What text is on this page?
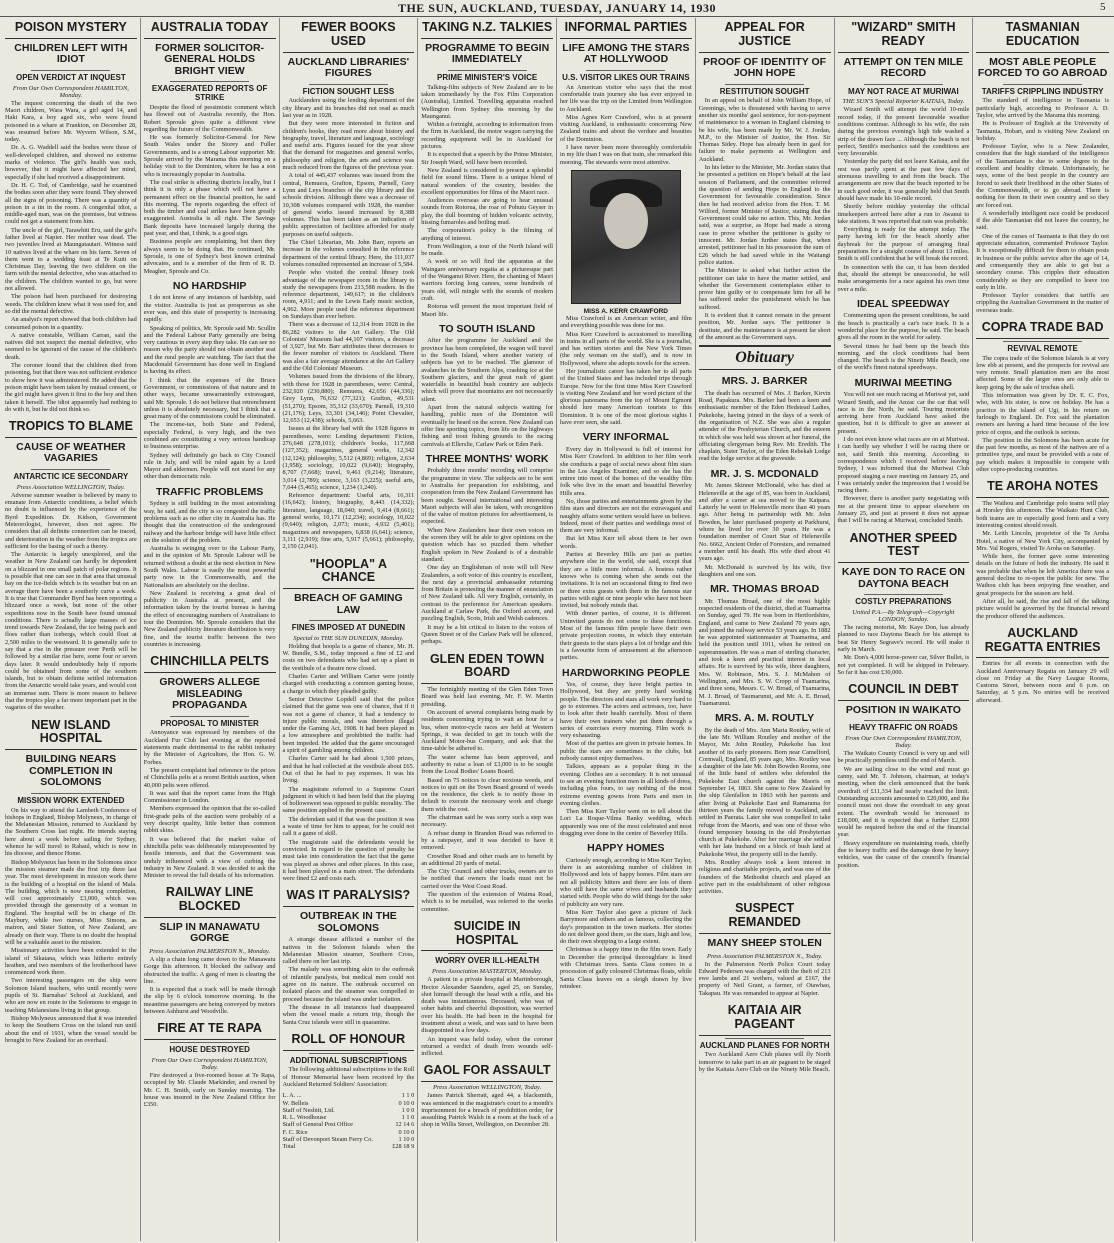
THE SUN, AUCKLAND, TUESDAY, JANUARY 14, 1930	5
POISON MYSTERY
CHILDREN LEFT WITH IDIOT
OPEN VERDICT AT INQUEST
From Our Own Correspondent HAMILTON, Monday.

The inquest concerning the death of the two Maori children, Wara Wara, a girl aged 14, and Haki Kara, a boy aged six, who were found poisoned in a whare at Frankton, on December 28, was resumed before Mr. Wyvern Wilson, S.M., today.

Dr. A. G. Waddell said the bodies were those of well-developed children, and showed no extreme marks of violence. The girl's health was such, however, that it might have affected her mind, especially if she had received a disappointment.

Dr. H. C. Tod, of Cambridge, said he examined the bodies soon after they were found. They showed all the signs of poisoning. There was a quantity of poison in a tin in the room. A congenital idiot, a middle-aged man, was on the premises, but witness could not get a statement from him.

The uncle of the girl, Tarawhiti Eru, said the girl's father lived at Napier. Her mother was dead. The two juveniles lived at Maungatautari. Witness said 10 natives lived at the whare on his farm. Seven of them went to a wedding feast at Te Kuiti on Christmas Day, leaving the two children on the farm with the mental defective, who was attached to the children. The children wanted to go, but were not allowed.

The poison had been purchased for destroying weeds. The children knew what it was used for, and so did the mental defective.

An analyst's report showed that both children had consumed poison in a quantity.

A native constable, William Carran, said the natives did not suspect the mental defective, who seemed to be ignorant of the cause of the children's death.

The coroner found that the children died from poisoning, but that there was not sufficient evidence to show how it was administered. He added that the poison might have been taken by mutual consent, or the girl might have given it first to the boy and then taken it herself. The idiot apparently had nothing to do with it, but he did not think so.

TROPICS TO BLAME
CAUSE OF WEATHER VAGARIES
ANTARCTIC ICE SECONDARY
Press Association WELLINGTON, Today.

Adverse summer weather is believed by many to emanate from Antarctic conditions, a belief which no doubt is influenced by the experience of the Byrd Expedition. Dr. Kidson, Government Meteorologist, however, does not agree. He considers that all definite connection can be traced, and deterioration in the weather from the tropics are sufficient for the basing of such a theory.

The Antarctic is largely unexplored, and the weather in New Zealand can hardly be dependent on a blizzard in one small patch of polar regions. It is possible that one can see in that area that unusual bay on the ice-fields which is its weather but on an average there have been a southerly curve a week. It is true that Commander Byrd has been reporting a blizzard once a week, but none of the other expeditions now in the South have found unusual conditions. There is actually large masses of ice trend towards New Zealand, the ice being pack and floes rather than icebergs, which could float at 2,500 miles to the westward. It is generally safe to say that a rise in the pressure over Perth will be followed by a similar rise here, some four or seven days later. It would undoubtedly help if reports could be obtained from some of the southern islands, but to obtain definite settled information from the Antarctic would take years, and would cost an immense sum. There is more reason to believe that the tropics play a far more important part in the vagaries of the weather.

NEW ISLAND HOSPITAL
BUILDING NEARS COMPLETION IN SOLOMONS
MISSION WORK EXTENDED

On his way to attend the Lambeth Conference of bishops in England, Bishop Molyneux, in charge of the Melanesian Mission, returned to Auckland by the Southern Cross last night. He intends staying here about a week before sailing for Sydney, whence he will travel to Rabaul, which is now in his diocese, and thence Home.

Bishop Molyneux has been in the Solomons since the mission steamer made the first trip there last year. The most development in mission work there is the building of a hospital on the island of Mala. The building, which is now nearing completion, will cost approximately £3,000, which was provided through the generosity of a woman in England. The hospital will be in charge of Dr. Maybury, while two nurses, Miss Simons, as matron, and Sister Sutton, of New Zealand, are already on their way. There is no doubt the hospital will be a valuable asset to the mission.

Missionary activities have been extended to the island of Sikaiana, which was hitherto entirely heathen, and two members of the brotherhood have commenced work there.

Two interesting passengers on the ship were Solomon Island teachers, who until recently were pupils of St. Barnabas' School at Auckland, and who are now en route to the Solomons to engage in teaching Melanesians living in that group.

Bishop Molyneux announced that it was intended to keep the Southern Cross on the island run until about the end of 1931, when the vessel would be brought to New Zealand for an overhaul.

AUSTRALIA TODAY
FORMER SOLICITOR-GENERAL HOLDS BRIGHT VIEW
EXAGGERATED REPORTS OF STRIKE

Despite the flood of pessimistic comment which has flowed out of Australia recently, the Hon. Robert Sproule gives quite a different view regarding the future of the Commonwealth.

He was formerly Solicitor-General for New South Wales under the Storey and Fuller Governments, and is a strong Labour supporter. Mr. Sproule arrived by the Marama this morning on a holiday visit to the Dominion, where he has a son who is increasingly popular in Australia.

The coal strike is affecting districts locally, but I think it is only a phase which will not have a permanent effect on the financial position, he said this morning. The reports regarding the effect of both the timber and coal strikes have been greatly exaggerated. Australia is all right. The Savings Bank deposits have increased largely during the past year, and that, I think, is a good sign.

Business people are complaining, but then they always seem to be doing that. He continued, Mr. Sproule, is one of Sydney's best known criminal advocates, and is a member of the firm of R. D. Meagher, Sproule and Co.

NO HARDSHIP

I do not know of any instances of hardship, said the visitor. Australia is just as prosperous as she ever was, and this state of prosperity is increasing rapidly.

Speaking of politics, Mr. Sproule said Mr. Scullin and the Federal Labour Party generally are being very cautious in every step they take. He can see no reason why the party should not obtain another seat and the rural people are watching. The fact that the Macdonald Government has done well in England is having its effect.

I think that the expenses of the Bruce Government, or commissions of that nature and in other ways, became unwarrantedly extravagant, said Mr. Sproule. I do not believe that retrenchment unless it is absolutely necessary, but I think that a great many of the commissions could be eliminated.

The income-tax, both State and Federal, especially Federal, is very high, and the two combined are constituting a very serious handicap to business enterprise.

Sydney will definitely go back to City Council rule in July, and will be ruled again by a Lord Mayor and aldermen. People will not stand for any other than democratic rule.

TRAFFIC PROBLEMS

Sydney is still building in the most astonishing way, he said, and the city is so congested the traffic problems such as no other city in Australia has. He thought that the construction of the underground railway and the harbour bridge will have little effect on the solution of the problem.

Australia is swinging over to the Labour Party, and in the opinion of Mr. Sproule Labour will be returned without a doubt at the next election in New South Wales. Labour is easily the most powerful party now in the Commonwealth, and the Nationalists are absolutely on the decline.

New Zealand is receiving a great deal of publicity in Australia at present, and the information taken by the tourist bureau is having the effect of encouraging numbers of Australians to tour the Dominion. Mr. Sproule considers that the New Zealand publicity literature distribution is very fine, and the tourist traffic between the two countries is increasing.

CHINCHILLA PELTS
GROWERS ALLEGE MISLEADING PROPAGANDA
PROPOSAL TO MINISTER

Annoyance was expressed by members of the Auckland Fur Club last evening at the reported statements made detrimental to the rabbit industry by the Minister of Agriculture, the Hon. G. W. Forbes.

The present complaint had reference to the prices of Chinchilla pelts at a recent British auction, when 40,000 pelts were offered.

It was said that the report came from the High Commissioner in London.

Members expressed the opinion that the so-called first-grade pelts of the auction were probably of a very descript quality, little better than common rabbit skins.

It was believed that the market value of chinchilla pelts was deliberately misrepresented by hostile interests, and that the Government was unduly influenced with a view of curbing the industry in New Zealand. It was decided to ask the Minister to reveal the full details of his information.

RAILWAY LINE BLOCKED
SLIP IN MANAWATU GORGE
Press Association PALMERSTON N., Monday.

A slip a chain long came down to the Manawatu Gorge this afternoon. It blocked the railway and obstructed the traffic. A gang of men is clearing the line.

It is expected that a track will be made through the slip by 6 o'clock tomorrow morning. In the meantime passengers are being conveyed by motors between Ashhurst and Woodville.

FIRE AT TE RAPA
HOUSE DESTROYED
From Our Own Correspondent HAMILTON, Today.

Fire destroyed a five-roomed house at Te Rapa, occupied by Mr. Claude Markinder, and owned by Mr. C. H. Smith, early on Sunday morning. The house was insured in the New Zealand Office for £350.

FEWER BOOKS USED
AUCKLAND LIBRARIES' FIGURES
FICTION SOUGHT LESS

Aucklanders using the lending department of the city library and its branches did not read as much last year as in 1928.

But they were more interested in fiction and children's books, they read more about history and biography, travel, literature and language, sociology and useful arts. Figures issued for the year show that the demand for magazines and general works, philosophy and religion, the arts and science was much reduced from the figures of the previous year.

A total of 445,437 volumes was issued from the central, Remuera, Grafton, Epsom, Parnell, Grey Lynn and Leys branches of the city library and the schools division. Although there was a decrease of 10,308 volumes compared with 1928, the number of general works issued increased by 8,388 volumes. This has been taken as an indication of public appreciation of facilities afforded for study purposes on useful subjects.

The Chief Librarian, Mr. John Barr, reports an increase in the volumes consulted in the reference department of the central library. Here, the 111,037 volumes consulted represented an increase of 5,584.

People who visited the central library took advantage of the newspaper room in the library to study the newspapers from 213,588 readers. In the reference department, 149,617; in the children's room, 4,911; and in the Lewis Eady music section, 4,962. More people used the reference department on Sundays than ever before.

There was a decrease of 12,314 from 1928 in the 86,282 visitors to the Art Gallery. The Old Colonists' Museum had 44,107 visitors, a decrease of 3,927, but Mr. Barr attributes these decreases to the fewer number of visitors to Auckland. There was also a fair average attendance at the Art Gallery and the Old Colonists' Museum.

Volumes issued from the divisions of the library, with those for 1928 in parentheses, were: Central, 232,920 (230,880); Remuera, 42,656 (44,336); Grey Lynn, 76,632 (77,321); Grafton, 49,531 (51,270); Epsom, 35,312 (33,670); Parnell, 19,310 (21,176); Leys, 33,301 (34,146); Point Chevalier, 12,653 (12,438); schools, 5,663.

Issues at the library had with the 1928 figures in parentheses, were: Lending department: Fiction, 276,648 (278,101); children's books, 117,668 (127,352); magazines, general works, 12,342 (12,124); philosophy, 5,512 (4,869); religion, 2,634 (1,958); sociology, 10,022 (9,640); biography, 8,707 (7,668); travel, 9,461 (9,214); literature, 3,014 (2,789); science, 3,163 (3,225); useful arts, 7,644 (5,465); science, 1,234 (1,240).

Reference department: Useful arts, 16,311 (16,642); history, biography, 8,443 (14,332); literature, language, 18,040; travel, 9,414 (8,661); general works, 10,171 (12,234); sociology, 10,022 (9,640); religion, 2,073; music, 4,932 (5,401); magazines and newspapers, 6,838 (6,641); science, 3,111 (2,919); fine arts, 5,917 (5,661); philosophy, 2,150 (2,041).

"HOOPLA" A CHANCE
BREACH OF GAMING LAW
FINES IMPOSED AT DUNEDIN
Special to THE SUN DUNEDIN, Monday.

Holding that hoopla is a game of chance, Mr. H. W. Bundle, S.M., today imposed a fine of £2 and costs on two defendants who had set up a plant in the vestibule of a theatre now closed.

Charles Carter and William Carter were jointly charged with conducting a common gaming house, a charge to which they pleaded guilty.

Senior Detective Lopdell said that the police claimed that the game was one of chance, that if it was not a game of chance, it had a tendency to injure public morals, and was therefore illegal under the Gaming Act, 1908. It had been played in a low atmosphere and prohibited the traffic had been impeded. He added that the game encouraged a spirit of gambling among children.

Charles Carter said he had about 1,500 prizes, and that he had collected at the vestibule about £65. Out of that he had to pay expenses. It was his living.

The magistrate referred to a Supreme Court judgment in which it had been held that the playing of hollowsweet was opposed to public morality. The same position applied in the present case.

The defendant said if that was the position it was a waste of time for him to appear, for he could not call it a game of skill.

The magistrate said the defendants would be convicted. In regard to the question of penalty he must take into consideration the fact that the game was played as shows and other places. In this case, it had been played in a main street. The defendants were fined £2 and costs each.

WAS IT PARALYSIS?
OUTBREAK IN THE SOLOMONS

A strange disease afflicted a number of the natives in the Solomon Islands when the Melanesian Mission steamer, Southern Cross, called there on her last trip.

The malady was something akin to the outbreak of infantile paralysis, but medical men could not agree on its nature. The outbreak occurred on isolated places and the steamer was compelled to proceed because the island was under isolation.

The disease in all instances had disappeared when the vessel made a return trip, though the Santa Cruz islands were still in quarantine.

ROLL OF HONOUR
ADDITIONAL SUBSCRIPTIONS

The following additional subscriptions to the Roll of Honour Memorial have been received by the Auckland Returned Soldiers' Association:

L. A. ...	1 1 0
W. Belleis	0 10 0
Staff of Nesbitt, Ltd.	1 0 0
R. L. Woodhouse	1 1 0
Staff of General Post Office	12 14 6
F. C. Rice	0 10 0
Staff of Devonport Steam Ferry Co.	1 10 0
Total	£28 18 9
TAKING N.Z. TALKIES
PROGRAMME TO BEGIN IMMEDIATELY
PRIME MINISTER'S VOICE

Talking-film subjects of New Zealand are to be taken immediately by the Fox Film Corporation (Australia), Limited. Travelling apparatus reached Wellington from Sydney this morning by the Maunganui.

Within a fortnight, according to information from the firm in Auckland, the motor wagon carrying the recording equipment will be in Auckland for pictures.

It is expected that a speech by the Prime Minister, Sir Joseph Ward, will have been recorded.

New Zealand is considered to present a splendid field for sound films. There is a unique blend of natural wonders of the country, besides the excellent opportunities for films of the Maori race.

Audiences overseas are going to hear unusual sounds from Rotorua, the roar of Pohutu Geyser in play, the dull booming of hidden volcanic activity, hissing fumaroles and boiling mud.

The corporation's policy is the filming of anything of interest.

From Wellington, a tour of the North Island will be made.

A week or so will find the apparatus at the Waingaro anniversary regatta at a picturesque part of the Wanganui River. Here, the chanting of Maori warriors forcing long canoes, some hundreds of years old, will mingle with the sounds of modern craft.

Rotorua will present the most important field of Maori life.

TO SOUTH ISLAND

After the programme for Auckland and the province has been completed, the wagon will travel to the South Island, where another variety of subjects has yet to be reached. The glamour of avalanches in the Southern Alps, crashing ice at the Southern glaciers, and the great rush of giant waterfalls in beautiful bush country are subjects which will prove that mountains are not necessarily silent.

Apart from the natural subjects waiting for handling, public men of the Dominion will eventually be heard on the screen. New Zealand can offer fine sporting topics, from life on the highways fishing and trout fishing grounds to the racing carnivals at Ellerslie, Carlaw Park or Eden Park.

THREE MONTHS' WORK

Probably three months' recording will comprise the programme in view. The subjects are to be sent to Australia for preparation for exhibiting, and cooperation from the New Zealand Government has been sought. Several international and interesting Maori subjects will also be taken, with recognition of the value of motion pictures for advertisement, is expected.

When New Zealanders hear their own voices on the screen they will be able to give opinions on the question which has so puzzled them whether English spoken in New Zealand is of a desirable standard.

One day an Englishman of note will tell New Zealanders, a soft voice of this country is excellent, the next day a provincial ambassador returning from Britain is protesting the manner of enunciation of New Zealand talk. All very English, certainly, in contrast to the preference for American speakers. Auckland at Carlaw Park, the Oxford accent, and puzzling English, Scots, Irish and Welsh cadences.

It may be a bit critical to listen to the voices of Queen Street or of the Carlaw Park will be silenced, perhaps.

GLEN EDEN TOWN BOARD

The fortnightly meeting of the Glen Eden Town Board was held last evening, Mr. F. W. Martin presiding.

On account of several complaints being made by residents concerning trying to wait an hour for a bus, when motor-cycle races are held at Western Springs, it was decided to get in touch with the Auckland Motor-bus Company, and ask that the time-table be adhered to.

The water scheme has been approved, and authority to raise a loan of £3,000 is to be sought from the Local Bodies' Loans Board.

Based on 75 notices to clear noxious weeds, and notices to quit on the Town Board ground of weeds on the residence, the clerk is to notify those in default to execute the necessary work and charge them with the cost.

The chairman said he was sorry such a step was necessary.

A refuse dump in Brandon Road was referred to by a ratepayer, and it was decided to have it removed.

Crowther Road and other roads are to benefit by an additional 20 yards of metal.

The City Council and other trucks, owners are to be notified that owners the loads must not be carried over the West Coast Road.

The question of the extension of Waima Road, which is to be metalled, was referred to the works committee.

SUICIDE IN HOSPITAL
WORRY OVER ILL-HEALTH
Press Association MASTERTON, Monday.

A patient in a private hospital at Martinborough, Hector Alexander Saunders, aged 25, on Sunday, shot himself through the head with a rifle, and his death was instantaneous. Deceased, who was of sober habits and cheerful disposition, was worried over his health. He had been in the hospital for treatment about a week, and was said to have been disappointed in a few days.

An inquest was held today, when the coroner returned a verdict of death from wounds self-inflicted.

GAOL FOR ASSAULT
Press Association WELLINGTON, Today.

James Patrick Sherratt, aged 44, a blacksmith, was sentenced in the magistrate's court to a month's imprisonment for a breach of prohibition order, for assaulting Patrick Walsh in a room at the back of a shop in Willis Street, Wellington, on December 28.

INFORMAL PARTIES
LIFE AMONG THE STARS AT HOLLYWOOD
U.S. VISITOR LIKES OUR TRAINS

An American visitor who says that the most comfortable train journey she has ever enjoyed in her life was the trip on the Limited from Wellington to Auckland.

Miss Agnes Kerr Crawford, who is at present visiting Auckland, is enthusiastic concerning New Zealand trains and about the verdure and beauties of the Dominion.

I have never been more thoroughly comfortable in my life than I was on that train, she remarked this morning. The stewards were most attentive.

MISS A. KERR CRAWFORD

Miss Crawford is an American writer, and film and everything possible was done for me.

Miss Kerr Crawford is accustomed to travelling in trains in all parts of the world. She is a journalist, and has written stories and the New York Times (the only woman on the staff), and is now in Hollywood, where she adopts novels for the screen.

Her journalistic career has taken her to all parts of the United States and has included trips through Europe. Now for the first time Miss Kerr Crawford is visiting New Zealand and her word picture of the glorious panorama from the top of Mount Egmont should lure many American tourists to this Dominion. It is one of the most glorious sights I have ever seen, she said.

VERY INFORMAL

Every day in Hollywood is full of interest for Miss Kerr Crawford. In addition to her film work she conducts a page of social news about film stars in the Los Angeles Examiner, and so she has the entree into most of the homes of the wealthy film folk who live in the smart and beautiful Beverley Hills area.

No, those parties and entertainments given by the film stars and directors are not the extravagant and naughty affairs some writers would have us believe. Indeed, most of their parties and weddings most of them are very informal.

But let Miss Kerr tell about them in her own words.

Parties at Beverley Hills are just as parties anywhere else in the world, she said, except that they are a little more informal. A hostess rather knows who is coming when she sends out the invitations. It is not an occasional thing to find two or three extra guests with them in the famous star parties with eight or nine people who have not been invited, but nobody minds that.

With dinner parties, of course, it is different. Uninvited guests do not come to these functions. Most of the famous film people have their own private projection rooms, in which they entertain their guests to the stars plays a lot of bridge and this is a favourite form of amusement at the afternoon parties.

HARDWORKING PEOPLE

Yes, of course, they have bright parties in Hollywood, but they are pretty hard working people. The directors and stars all work very hard to go to extremes. The actors and actresses, too, have to look after their health carefully. Most of them have their own trainers who put them through a series of exercises every morning. Film work is very exhausting.

Most of the parties are given in private homes. In public the stars are sometimes in the clubs, but nobody cannot enjoy themselves.

Talkies, appears as a popular thing in the evening. Clothes are a secondary. It is not unusual to see an evening function men in all kinds of dress, including plus fours, to say nothing of the most extreme evening gowns from Paris and men in evening clothes.

Then Miss Kerr Taylor went on to tell about the Lori La Roque-Vilma Banky wedding, which apparently was one of the most celebrated and most dragging ever done in the centre of Beverley Hills.

HAPPY HOMES

Curiously enough, according to Miss Kerr Taylor, there is an astonishing number of children in Hollywood and lots of happy homes. Film stars are not all publicity hitters and there are lots of them who still have the same wives and husbands they started with. People who do wild things for the sake of publicity are very rare.

Miss Kerr Taylor also gave a picture of Jack Barrymore and others and as famous, collecting the day's preparation in the town markets. Her stories do not deliver good there, so the stars, high and low, do their own shopping to a large extent.

Christmas is a happy time in the film town. Early in December the principal thoroughfare is lined with Christmas trees. Santa Claus comes in a procession of gaily coloured Christmas floats, while Santa Claus leaves on a sleigh drawn by live reindeer.

APPEAL FOR JUSTICE
PROOF OF IDENTITY OF JOHN HOPE
RESTITUTION SOUGHT

In an appeal on behalf of John William Hope, of Greenings, who is threatened with having to serve another six months' gaol sentence, for non-payment of maintenance to a woman in England claiming to be his wife, has been made by Mr. W. J. Jordan, M.P., to the Minister of Justice, the Hon. Sir Thomas Sidey. Hope has already been in gaol for failure to make payments at Wellington and Auckland.

In his letter to the Minister, Mr. Jordan states that he presented a petition on Hope's behalf at the last session of Parliament, and the committee referred the question of sending Hope to England to the Government for favourable consideration. Since then he had received advice from the Hon. T. M. Wilford, former Minister of Justice, stating that the Government could take no action. This, Mr. Jordan said, was a surprise, as Hope had made a strong case to prove whether the petitioner is guilty or innocent. Mr. Jordan further states that, when arrested, petitioner had in his possession the sum of £26 which he had saved while in the Waitangi police station.

The Minister is asked what further action the petitioner can take to have the matter settled, and whether the Government contemplates either to prove him guilty or to compensate him for all he has suffered under the punishment which he has suffered.

It is evident that it cannot remain in the present position, Mr. Jordan says. The petitioner is destitute, and the maintenance is at present far short of the amount as the Government says.

Obituary
MRS. J. BARKER

The death has occurred of Mrs. J. Barker, Kirvin Road, Papakura. Mrs. Barker had been a keen and enthusiastic member of the Eden Hedstead Ladies, Pukekohe, having joined in the days of a week of the organisation of N.Z. She was also a regular attender of the Presbyterian Church, and the esteem in which she was held was shown at her funeral, the officiating clergyman being Rev. Mr. Eredith. The chaplain, Sister Taylor, of the Eden Rebekah Lodge read the lodge service at the graveside.

MR. J. S. MCDONALD

Mr. James Skinner McDonald, who has died at Helensville at the age of 85, was born in Auckland, and after a career at sea moved to the Kaipara. Latterly he went to Helensville more than 40 years ago. After being in partnership with Mr. John Bowden, he later purchased property at Parkhurst, where he lived for over 30 years. He was a foundation member of Court Star of Helensville No. 6662, Ancient Order of Foresters, and remained a member until his death. His wife died about 41 years ago.

Mr. McDonald is survived by his wife, five daughters and one son.

MR. THOMAS BROAD

Mr. Thomas Broad, one of the most highly respected residents of the district, died at Tuamarina on Sunday, aged 79. He was born in Hertfordshire, England, and came to New Zealand 70 years ago, and joined the railway service 53 years ago. In 1882 he was appointed stationmaster at Tuamarina, and held the position until 1911, when he retired on superannuation. He was a man of sterling character, and took a keen and practical interest in local affairs. He is survived by his wife, three daughters, Mrs. W. Robinson, Mrs. S. J. McMahon of Wellington, and Mrs. S. W. Cropp of Tuamarina, and three sons, Messrs. C. W. Broad, of Tuamarina, M. J. Broad, of Taumarunui, and Mr. A. E. Broad, Tuamarunui.

MRS. A. M. ROUTLY

By the death of Mrs. Ann Maria Routley, wife of the late Mr. William Routley and mother of the Mayor, Mr. John Routley, Pukekohe has lost another of its early pioneers. Born near Camelford, Cornwall, England, 85 years ago, Mrs. Routley was a daughter of the late Mr. John Bowden Rooms, one of the little band of settlers who defended the Pukekohe East church against the Maoris on September 14, 1863. She came to New Zealand by the ship Glenfallon in 1863 with her parents and after living at Pukekohe East and Ramarama for thirteen years the family moved to Auckland, and settled in Paerata. Later she was compelled to take refuge from the Maoris, and was one of those who found temporary housing in the old Presbyterian church at Pukekohe. After her marriage she settled with her late husband on a block of bush land at Pukekohe West, the property still in the family.

Mrs. Routley always took a keen interest in religious and charitable projects, and was one of the founders of the Methodist church and played an active part in the establishment of other religious activities.

SUSPECT REMANDED
MANY SHEEP STOLEN
Press Association PALMERSTON N., Today.

In the Palmerston North Police Court today Edward Pedersen was charged with the theft of 213 ewe lambs and 21 wethers, valued at £167, the property of Neil Grant, a farmer, of Otawhao, Takapau. He was remanded to appear at Napier.

KAITAIA AIR PAGEANT
AUCKLAND PLANES FOR NORTH

Two Auckland Aero Club planes will fly North tomorrow to take part in an air pageant to be staged by the Kaitaia Aero Club on the Ninety Mile Beach.

"WIZARD" SMITH READY
ATTEMPT ON TEN MILE RECORD
MAY NOT RACE AT MURIWAI
THE SUN'S Special Reporter KAITAIA, Today.

Wizard Smith will attempt the world 10-mile record today, if the present favourable weather conditions continue. Although to his wife, the rain during the previous evening's high tide washed a strip of the drawn face ... Although the beach is not perfect, Smith's mechanics said the conditions are very favourable.

Yesterday the party did not leave Kaitaia, and the rest was partly spent at the past few days of strenuous travelling to and from the beach. The arrangements are now that the beach reported to be in such good order, it was generally held that Smith should have made his 10-mile record.

Shortly before midday yesterday the official timekeepers arrived here after a run to Awanui to take stations. It was reported that rain was probable.

Everything is ready for the attempt today. The party having left for the beach shortly after daybreak for the purpose of arranging final preparations for a straight course of about 13 miles. Smith is still confident that he will break the record.

In connection with the car, it has been decided that, should the attempt be unsuccessful, he will make arrangements for a race against his own time over a mile.

IDEAL SPEEDWAY

Commenting upon the present conditions, he said the beach is practically a car's race track. It is a wonderful place for the purpose, he said. The beach gives all the room in the world for safety.

Several times he had been up the beach this morning, and the clock conditions had been changed. The beach is the Ninety Mile Beach, one of the world's finest natural speedways.

MURIWAI MEETING

You will not see much racing at Muriwai yet, said Wizard Smith, and the Anzac car the car that will race is in the North, he said. Touring motorists arriving here from Auckland have asked the question, but it is difficult to give an answer at present.

I do not even know what races are on at Muriwai. I can hardly say whether I will be racing there or not, said Smith this morning. According to correspondence which I received before leaving Sydney, I was informed that the Muriwai Club proposed staging a race meeting on January 25, and I was certainly under the impression that I would be racing there.

However, there is another party negotiating with me at the present time to appear elsewhere on January 25, and just at present it does not appear that I will be racing at Muriwai, concluded Smith.

ANOTHER SPEED TEST
KAYE DON TO RACE ON DAYTONA BEACH
COSTLY PREPARATIONS
United P.A.—By Telegraph—Copyright LONDON, Sunday.

The racing motorist, Mr. Kaye Don, has already planned to race Daytona Beach for his attempt to beat Sir Henry Segrave's record. He will make it early in March.

Mr. Don's 4,000 horse-power car, Silver Bullet, is not yet completed. It will be shipped in February. So far it has cost £30,000.

COUNCIL IN DEBT
POSITION IN WAIKATO
HEAVY TRAFFIC ON ROADS
From Our Own Correspondent HAMILTON, Today.

The Waikato County Council is very up and will be practically penniless until the end of March.

We are sailing close to the wind and must go canny, said Mr. T. Johnson, chairman, at today's meeting, when the clerk announced that the bank overdraft of £11,334 had nearly reached the limit. Outstanding accounts amounted to £20,000, and the council must not draw the overdraft to any great extent. The overdraft would be increased to £18,000, and it is expected that a further £2,000 would be required before the end of the financial year.

Heavy expenditure on maintaining roads, chiefly due to heavy traffic and the damage done by heavy vehicles, was the cause of the council's financial position.

TASMANIAN EDUCATION
MOST ABLE PEOPLE FORCED TO GO ABROAD
TARIFFS CRIPPLING INDUSTRY

The standard of intelligence in Tasmania is particularly high, according to Professor A. D. Taylor, who arrived by the Marama this morning.

He is Professor of English at the University of Tasmania, Hobart, and is visiting New Zealand on holiday.

Professor Taylor, who is a New Zealander, considers that the high standard of the intelligence of the Tasmanians is due to some degree to the excellent and healthy climate. Unfortunately, he says, some of the best people in the country are forced to seek their livelihood in the other States of the Commonwealth, or to go abroad. There is nothing for them in their own country and so they are forced out.

A wonderfully intelligent race could be produced if the able Tasmanian did not leave the country, he said.

One of the curses of Tasmania is that they do not appreciate education, commented Professor Taylor. It is exceptionally difficult for them to obtain posts in business or the public service after the age of 14, and consequently they are able to get but a secondary course. This cripples their education considerably as they are compelled to leave too early in life.

Professor Taylor considers that tariffs are crippling the Australian Government in the matter of overseas trade.

COPRA TRADE BAD
REVIVAL REMOTE

The copra trade of the Solomon Islands is at very low ebb at present, and the prospects for revival are very remote. Small plantation men are the most affected. Some of the larger ones are only able to keep going by the sale of trochus shell.

This information was given by Dr. E. C. Fox, who, with his sister, is now on holiday. He has a practice in the island of Ugi, in his return on furlough to England. Dr. Fox said the plantation owners are having a hard time because of the low price of copra, and the outlook is serious.

The position in the Solomons has been acute for the past few months, as most of the natives are of a primitive type, and must be provided with a rate of pay which makes it impossible to compete with other copra-producing countries.

TE AROHA NOTES

The Waihou and Cambridge polo teams will play at Horsley this afternoon. The Waikato Hunt Club, both teams are in especially good form and a very interesting contest should result.

Mr. Leith Lincoln, proprietor of the Te Aroha Hotel, a native of New York City, accompanied by Mrs. Val Rogers, visited Te Aroha on Saturday.

While here, the former gave some interesting details on the future of both the industry. He said it was probable that when he left America there was a general decline to re-open the public for new. The Waihou club has been enjoying fine weather, and great prospects for the season are held.

After all, he said, the rise and fall of the talking picture would be governed by the financial reward the producer offered the audiences.

AUCKLAND REGATTA ENTRIES

Entries for all events in connection with the Auckland Anniversary Regatta on January 29 will close on Friday at the Navy League Rooms, Customs Street, between noon and 6 p.m. on Saturday, at 5 p.m. No entries will be received afterward.
